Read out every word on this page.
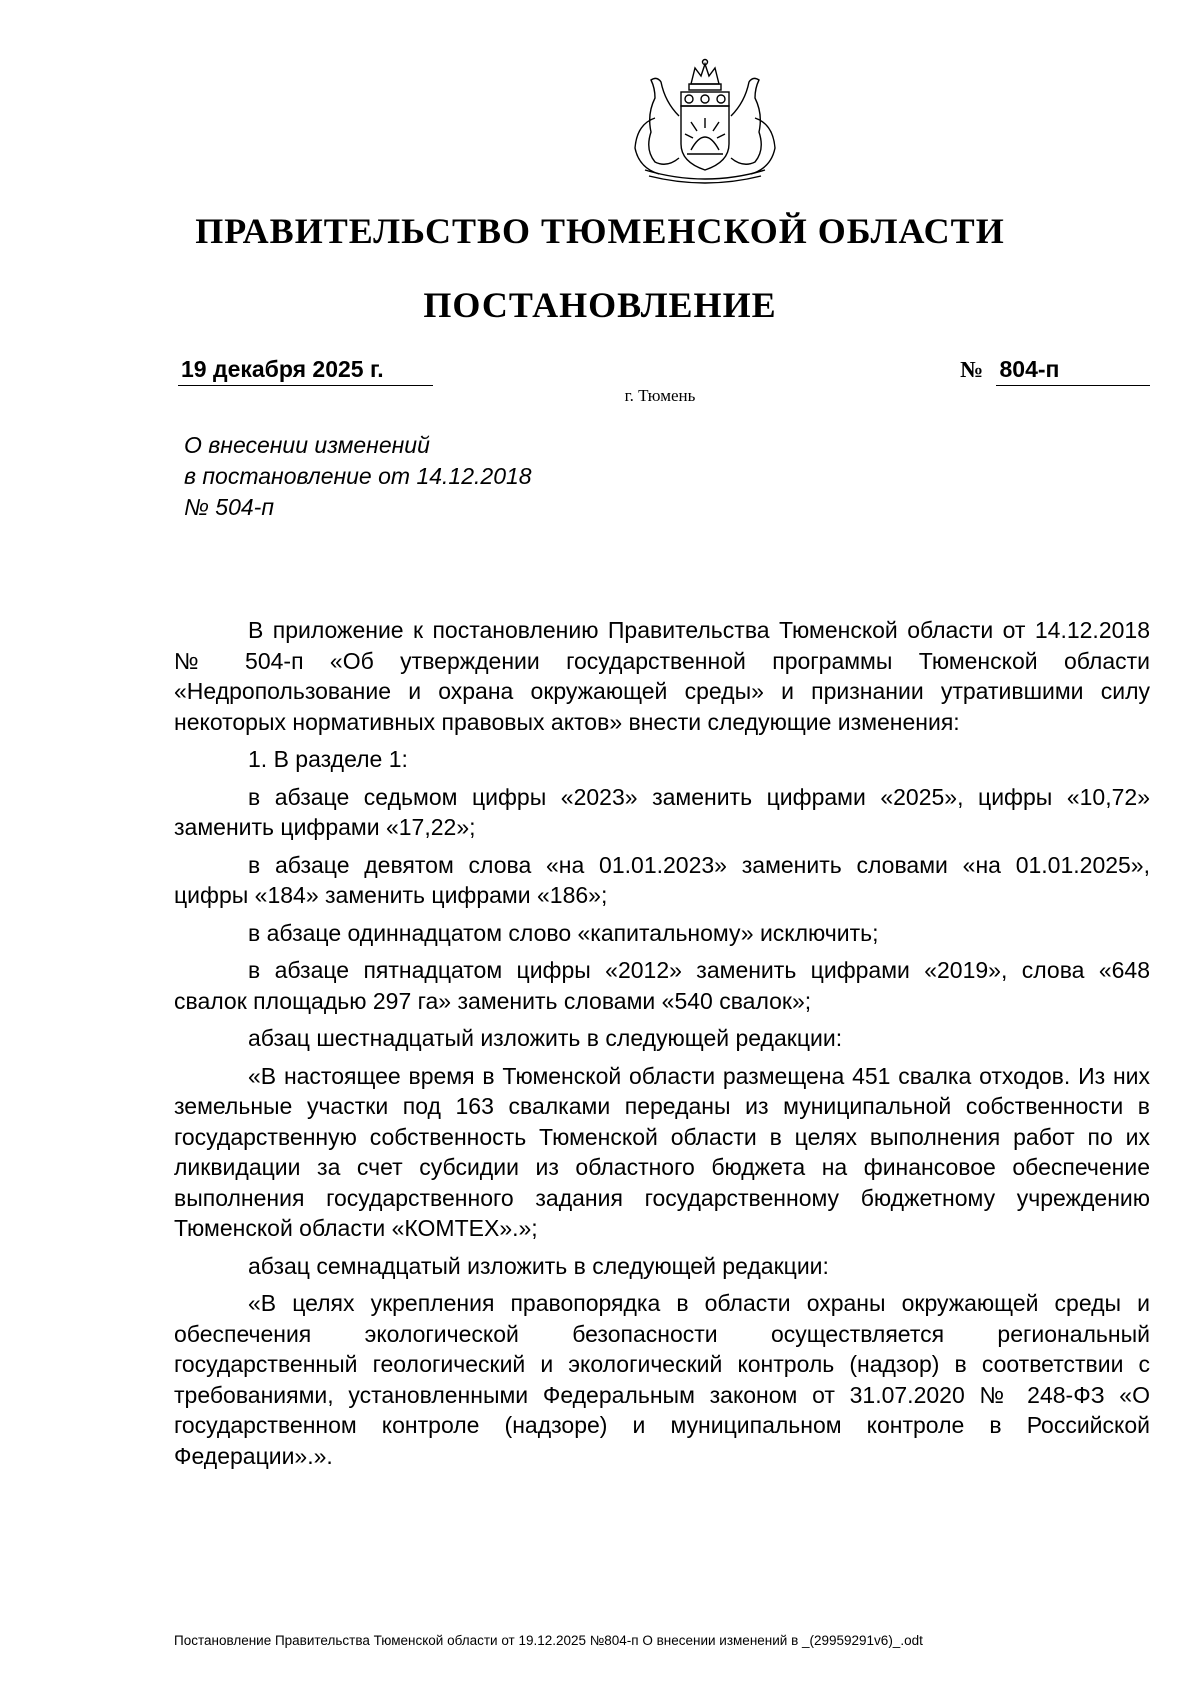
ПРАВИТЕЛЬСТВО ТЮМЕНСКОЙ ОБЛАСТИ
ПОСТАНОВЛЕНИЕ
19 декабря 2025 г.	№ 804-п
г. Тюмень
О внесении изменений
в постановление от 14.12.2018
№ 504-п

В приложение к постановлению Правительства Тюменской области от 14.12.2018 № 504-п «Об утверждении государственной программы Тюменской области «Недропользование и охрана окружающей среды» и признании утратившими силу некоторых нормативных правовых актов» внести следующие изменения:

1. В разделе 1:

в абзаце седьмом цифры «2023» заменить цифрами «2025», цифры «10,72» заменить цифрами «17,22»;

в абзаце девятом слова «на 01.01.2023» заменить словами «на 01.01.2025», цифры «184» заменить цифрами «186»;

в абзаце одиннадцатом слово «капитальному» исключить;

в абзаце пятнадцатом цифры «2012» заменить цифрами «2019», слова «648 свалок площадью 297 га» заменить словами «540 свалок»;

абзац шестнадцатый изложить в следующей редакции:

«В настоящее время в Тюменской области размещена 451 свалка отходов. Из них земельные участки под 163 свалками переданы из муниципальной собственности в государственную собственность Тюменской области в целях выполнения работ по их ликвидации за счет субсидии из областного бюджета на финансовое обеспечение выполнения государственного задания государственному бюджетному учреждению Тюменской области «КОМТЕХ».»;

абзац семнадцатый изложить в следующей редакции:

«В целях укрепления правопорядка в области охраны окружающей среды и обеспечения экологической безопасности осуществляется региональный государственный геологический и экологический контроль (надзор) в соответствии с требованиями, установленными Федеральным законом от 31.07.2020 № 248-ФЗ «О государственном контроле (надзоре) и муниципальном контроле в Российской Федерации».».

Постановление Правительства Тюменской области от 19.12.2025 №804-п О внесении изменений в _(29959291v6)_.odt
